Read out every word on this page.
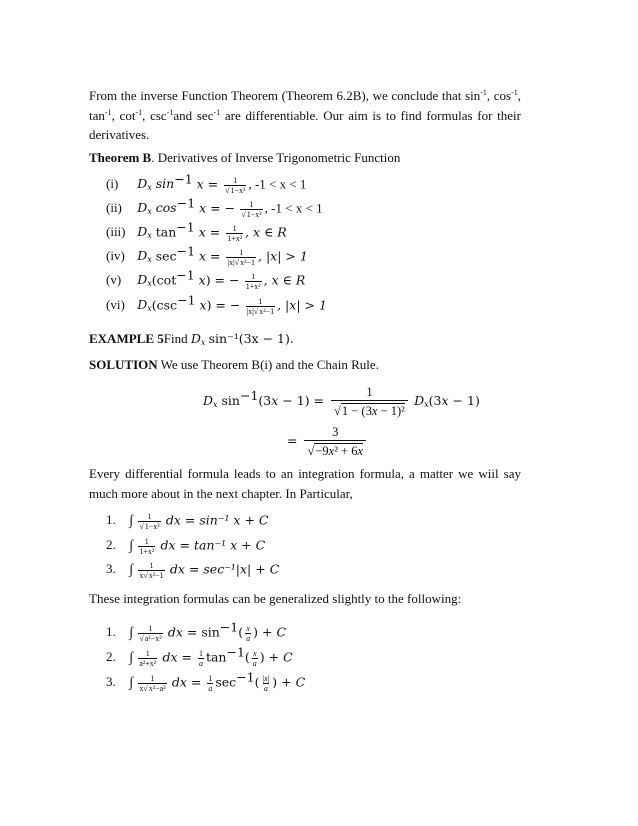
From the inverse Function Theorem (Theorem 6.2B), we conclude that $\sin^{-1}$, $\cos^{-1}$, $\tan^{-1}$, $\cot^{-1}$, $\csc^{-1}and$ $\sec^{-1}$ are differentiable. Our aim is to find formulas for their derivatives.
Theorem B. Derivatives of Inverse Trigonometric Function
(i) $D_x$ $\sin^{-1} x = \frac{1}{\text{√1−x²}}$ , -1 < x < 1
(ii) $D_x$ $\cos^{-1} x$ = − $\frac{1}{\text{√1−x²}}$ , -1 < x < 1
(iii) $D_x$ $\tan^{-1} x = \frac{1}{\text{1+x²}}$ , x ∈ R
(iv) $D_x$ $\sec^{-1} x = \frac{1}{\text{|x|√x²−1}}$ , |x| > 1
(v) $D_x(\cot^{-1}$ x) = − $\frac{1}{\text{1+x²}}$ , x ∈ R
(vi) $D_x(\csc^{-1}$ x) = − $\frac{1}{\text{|x|√x²−1}}$ , |x| > 1
EXAMPLE 5Find $D_x$ sin⁻¹(3x − 1).
SOLUTION We use Theorem B(i) and the Chain Rule.
$D_x$ $\sin^{-1}(3x - 1) = \frac{1}{\text{√1 − (3x − 1)²}} D_x(3x - 1)$
= $\frac{3}{\text{√−9x² + 6x}}$
Every differential formula leads to an integration formula, a matter we wiil say much more about in the next chapter. In Particular,
1. ∫ $\frac{1}{\text{√1−x²}}$ dx = sin⁻¹ x + C
2. ∫ $\frac{1}{\text{1+x²}}$ dx = tan⁻¹ x + C
3. ∫ $\frac{1}{\text{x√x²−1}}$ dx = sec⁻¹|x| + C
These integration formulas can be generalized slightly to the following:
1. ∫ $\frac{1}{\text{√a²−x²}}$ dx = $\sin^{-1}( \frac{x}{a}$ ) + C
2. ∫ $\frac{1}{\text{a²+x²}}$ dx = $\frac{1}{a} \tan^{-1}( \frac{x}{a}$ ) + C
3. ∫ $\frac{1}{\text{x√x²−a²}}$ dx = $\frac{1}{a} \sec^{-1}( \frac{|x|}{a}$ ) + C
